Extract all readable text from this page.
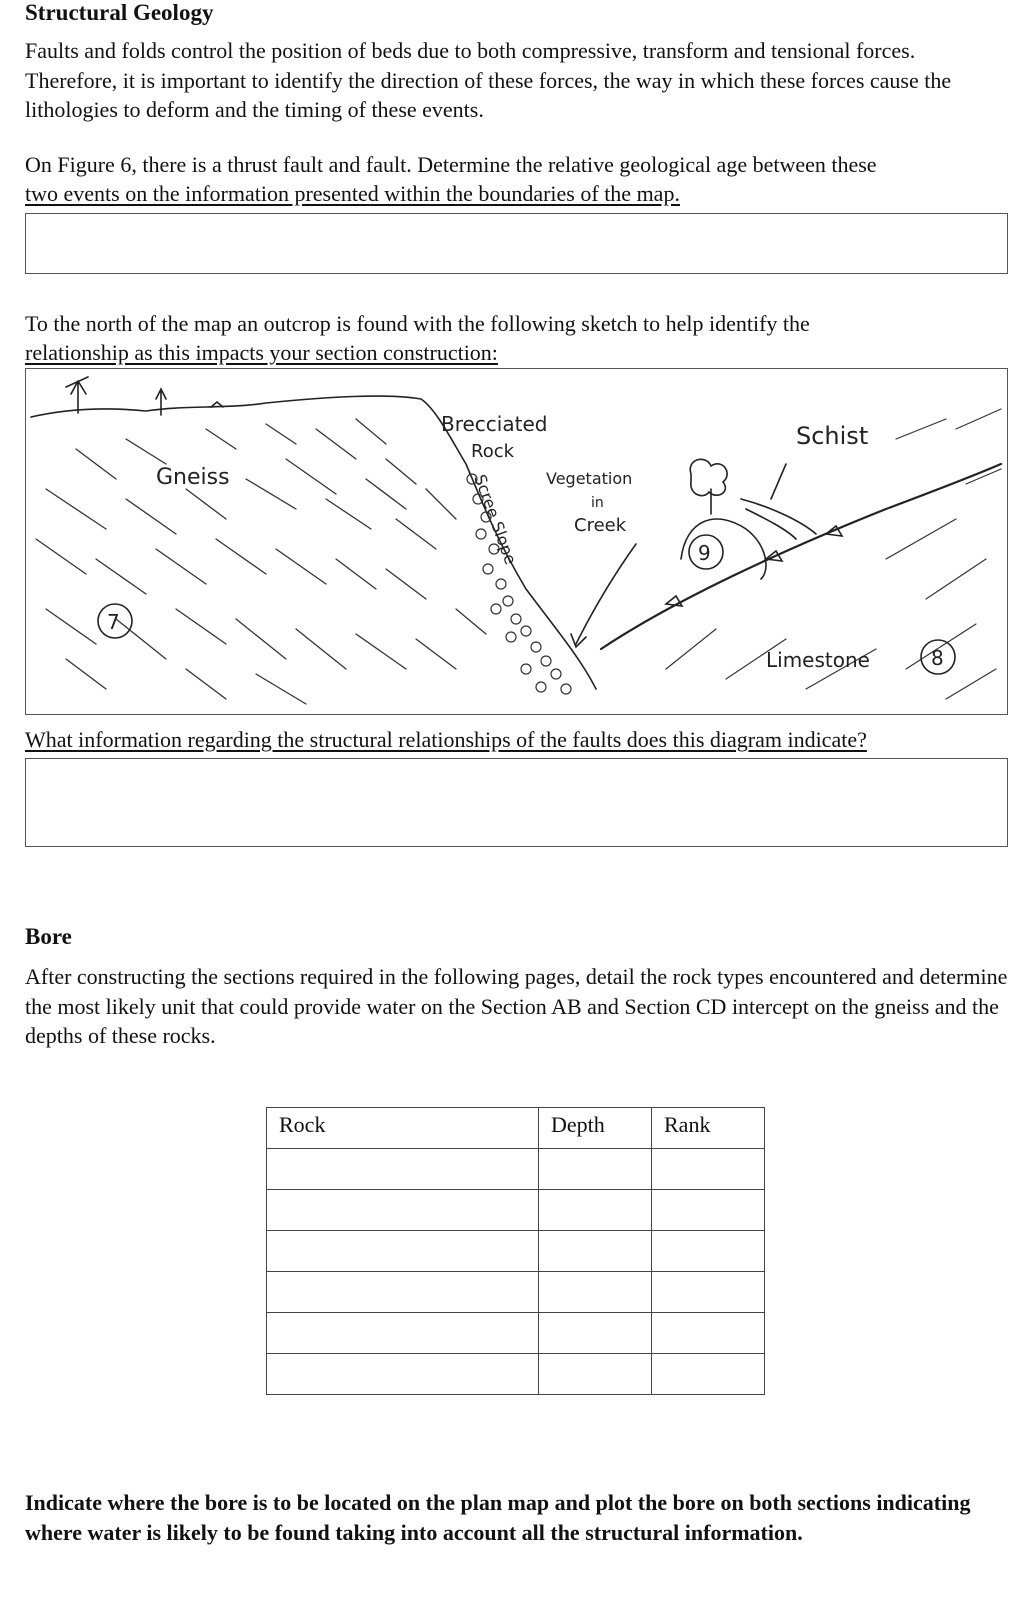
Structural Geology
Faults and folds control the position of beds due to both compressive, transform and tensional forces. Therefore, it is important to identify the direction of these forces, the way in which these forces cause the lithologies to deform and the timing of these events.
On Figure 6, there is a thrust fault and fault. Determine the relative geological age between these
two events on the information presented within the boundaries of the map.
To the north of the map an outcrop is found with the following sketch to help identify the
relationship as this impacts your section construction:
Gneiss
Brecciated
Rock
Scree Slope Vegetation
in
Creek
Schist
Limestone
7
9
8
What information regarding the structural relationships of the faults does this diagram indicate?
Bore
After constructing the sections required in the following pages, detail the rock types encountered and determine the most likely unit that could provide water on the Section AB and Section CD intercept on the gneiss and the depths of these rocks.
Rock	Depth	Rank

Indicate where the bore is to be located on the plan map and plot the bore on both sections indicating where water is likely to be found taking into account all the structural information.
